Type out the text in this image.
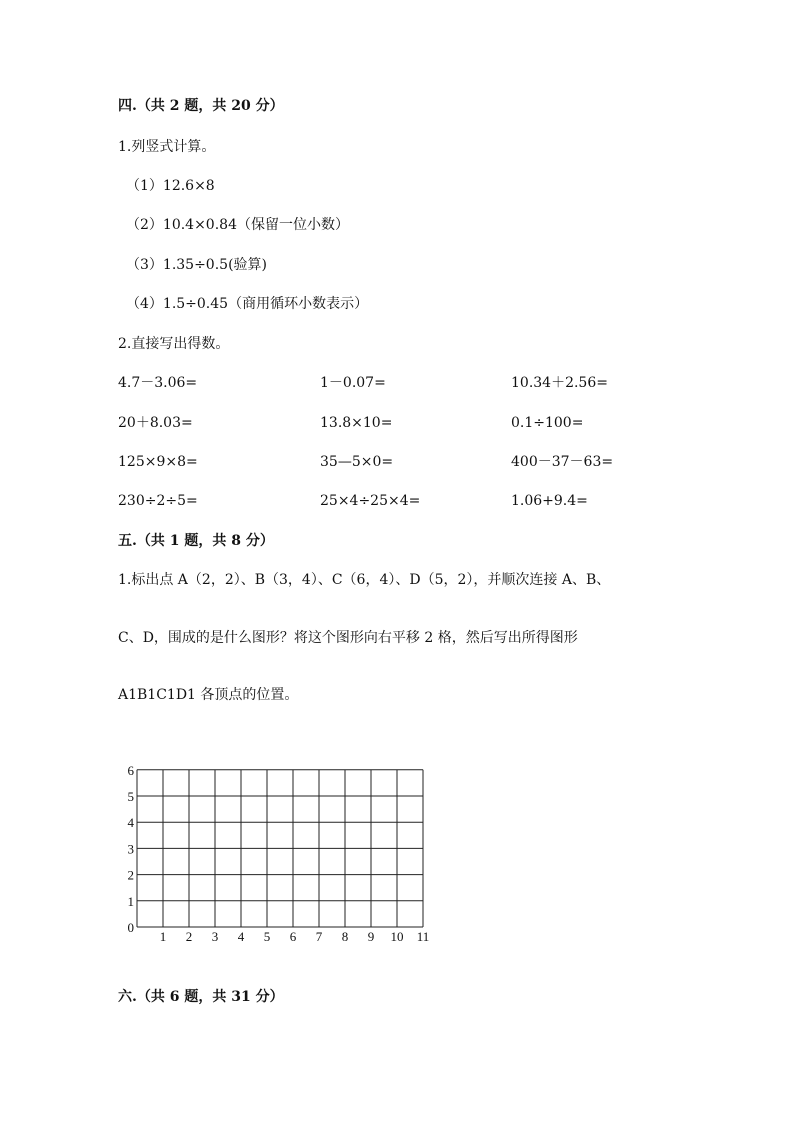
四.（共 2 题，共 20 分）
1.列竖式计算。
（1）12.6×8
（2）10.4×0.84（保留一位小数）
（3）1.35÷0.5(验算)
（4）1.5÷0.45（商用循环小数表示）
2.直接写出得数。
4.7－3.06=	1－0.07=	10.34＋2.56=
20＋8.03=	13.8×10=	0.1÷100=
125×9×8=	35—5×0=	400－37－63=
230÷2÷5=	25×4÷25×4=	1.06+9.4=
五.（共 1 题，共 8 分）
1.标出点 A（2，2）、B（3，4）、C（6，4）、D（5，2），并顺次连接 A、B、
C、D，围成的是什么图形？将这个图形向右平移 2 格，然后写出所得图形
A1B1C1D1 各顶点的位置。
0
1
2
3
4
5
6
1 2 3 4 5 6 7 8 9 10 11
六.（共 6 题，共 31 分）
